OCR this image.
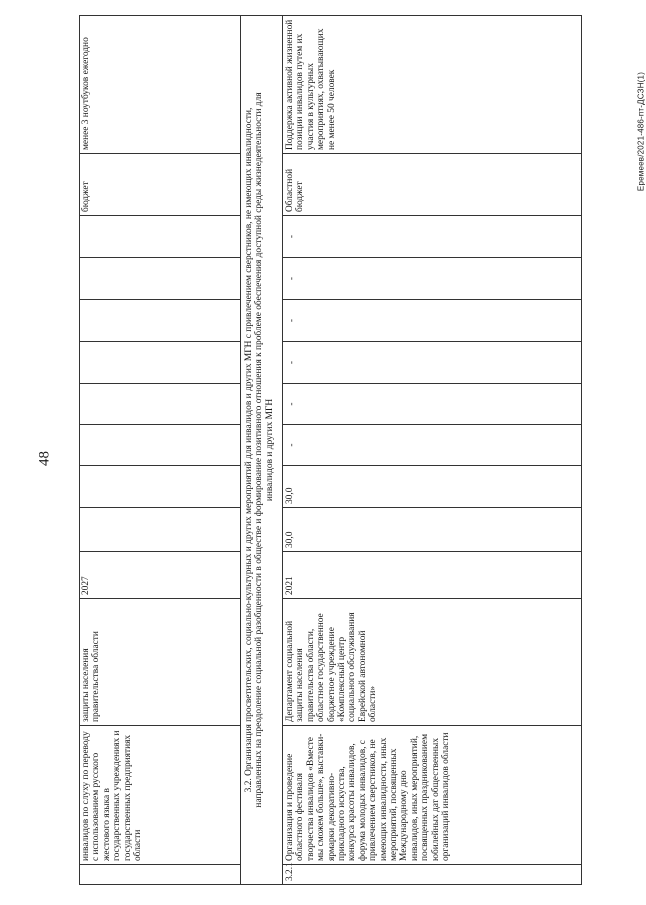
48
Еремеев/2021-486-пт-ДСЗН(1)
инвалидов по слуху по переводу с использованием русского жестового языка в государственных учреждениях и государственных предприятиях области
защиты населения правительства области
2027
бюджет
менее 3 ноутбуков ежегодно
3.2. Организация просветительских, социально-культурных и других мероприятий для инвалидов и других МГН с привлечением сверстников, не имеющих инвалидности, направленных на преодоление социальной разобщенности в обществе и формирование позитивного отношения к проблеме обеспечения доступной среды жизнедеятельности для инвалидов и других МГН
3.2.1
Организация и проведение областного фестиваля творчества инвалидов «Вместе мы сможем больше», выставки-ярмарки декоративно-прикладного искусства, конкурса красоты инвалидов, форума молодых инвалидов, с привлечением сверстников, не имеющих инвалидности, иных мероприятий, посвященных Международному дню инвалидов, иных мероприятий, посвященных праздникованием юбилейных дат общественных организаций инвалидов области
Департамент социальной защиты населения правительства области, областное государственное бюджетное учреждение «Комплексный центр социального обслуживания Еврейской автономной области»
2021
30,0
30,0
-
-
-
-
-
-
Областной бюджет
Поддержка активной жизненной позиции инвалидов путем их участия в культурных мероприятиях, охватывающих не менее 50 человек
